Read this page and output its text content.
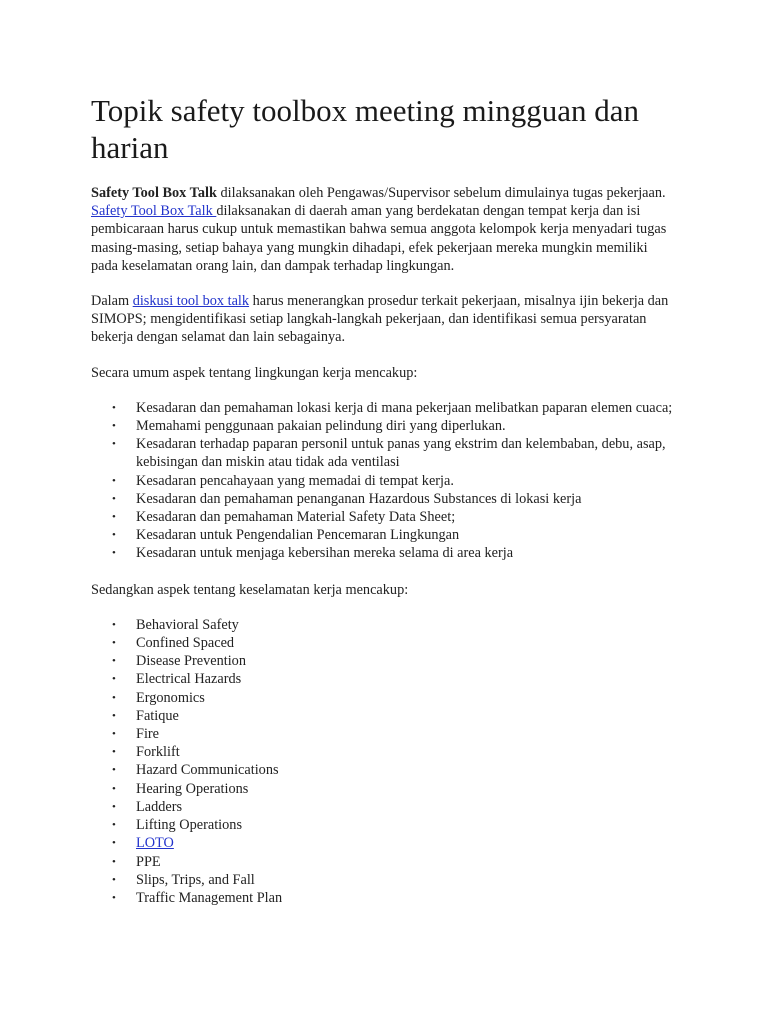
Topik safety toolbox meeting mingguan dan harian

Safety Tool Box Talk dilaksanakan oleh Pengawas/Supervisor sebelum dimulainya tugas pekerjaan. Safety Tool Box Talk dilaksanakan di daerah aman yang berdekatan dengan tempat kerja dan isi pembicaraan harus cukup untuk memastikan bahwa semua anggota kelompok kerja menyadari tugas masing-masing, setiap bahaya yang mungkin dihadapi, efek pekerjaan mereka mungkin memiliki pada keselamatan orang lain, dan dampak terhadap lingkungan.

Dalam diskusi tool box talk harus menerangkan prosedur terkait pekerjaan, misalnya ijin bekerja dan SIMOPS; mengidentifikasi setiap langkah-langkah pekerjaan, dan identifikasi semua persyaratan bekerja dengan selamat dan lain sebagainya.

Secara umum aspek tentang lingkungan kerja mencakup:

• Kesadaran dan pemahaman lokasi kerja di mana pekerjaan melibatkan paparan elemen cuaca;
• Memahami penggunaan pakaian pelindung diri yang diperlukan.
• Kesadaran terhadap paparan personil untuk panas yang ekstrim dan kelembaban, debu, asap, kebisingan dan miskin atau tidak ada ventilasi
• Kesadaran pencahayaan yang memadai di tempat kerja.
• Kesadaran dan pemahaman penanganan Hazardous Substances di lokasi kerja
• Kesadaran dan pemahaman Material Safety Data Sheet;
• Kesadaran untuk Pengendalian Pencemaran Lingkungan
• Kesadaran untuk menjaga kebersihan mereka selama di area kerja

Sedangkan aspek tentang keselamatan kerja mencakup:

• Behavioral Safety
• Confined Spaced
• Disease Prevention
• Electrical Hazards
• Ergonomics
• Fatique
• Fire
• Forklift
• Hazard Communications
• Hearing Operations
• Ladders
• Lifting Operations
• LOTO
• PPE
• Slips, Trips, and Fall
• Traffic Management Plan
